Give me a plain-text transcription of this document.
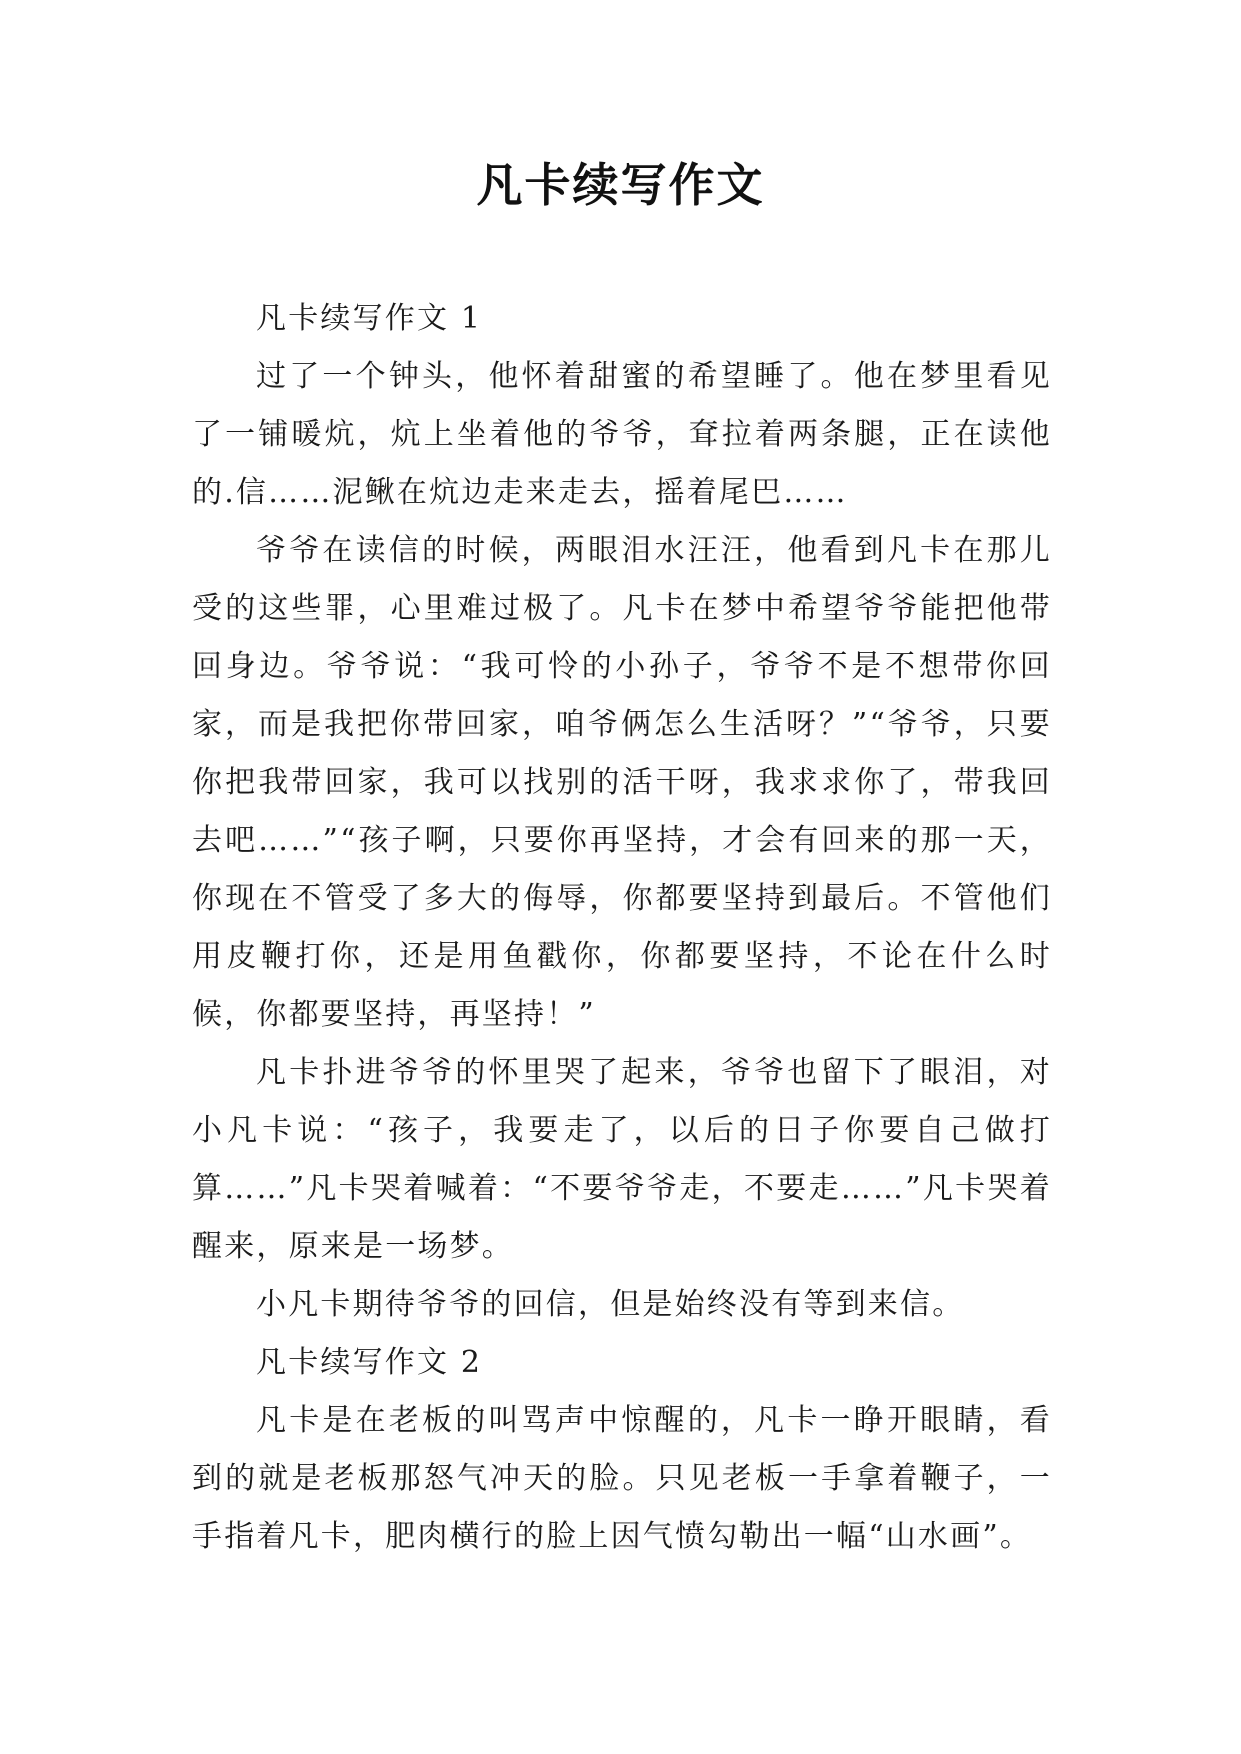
凡卡续写作文

凡卡续写作文 1

过了一个钟头，他怀着甜蜜的希望睡了。他在梦里看见了一铺暖炕，炕上坐着他的爷爷，耷拉着两条腿，正在读他的.信……泥鳅在炕边走来走去，摇着尾巴……

爷爷在读信的时候，两眼泪水汪汪，他看到凡卡在那儿受的这些罪，心里难过极了。凡卡在梦中希望爷爷能把他带回身边。爷爷说：“我可怜的小孙子，爷爷不是不想带你回家，而是我把你带回家，咱爷俩怎么生活呀？”“爷爷，只要你把我带回家，我可以找别的活干呀，我求求你了，带我回去吧……”“孩子啊，只要你再坚持，才会有回来的那一天，你现在不管受了多大的侮辱，你都要坚持到最后。不管他们用皮鞭打你，还是用鱼戳你，你都要坚持，不论在什么时候，你都要坚持，再坚持！”

凡卡扑进爷爷的怀里哭了起来，爷爷也留下了眼泪，对小凡卡说：“孩子，我要走了，以后的日子你要自己做打算……”凡卡哭着喊着：“不要爷爷走，不要走……”凡卡哭着醒来，原来是一场梦。

小凡卡期待爷爷的回信，但是始终没有等到来信。

凡卡续写作文 2

凡卡是在老板的叫骂声中惊醒的，凡卡一睁开眼睛，看到的就是老板那怒气冲天的脸。只见老板一手拿着鞭子，一手指着凡卡，肥肉横行的脸上因气愤勾勒出一幅“山水画”。
